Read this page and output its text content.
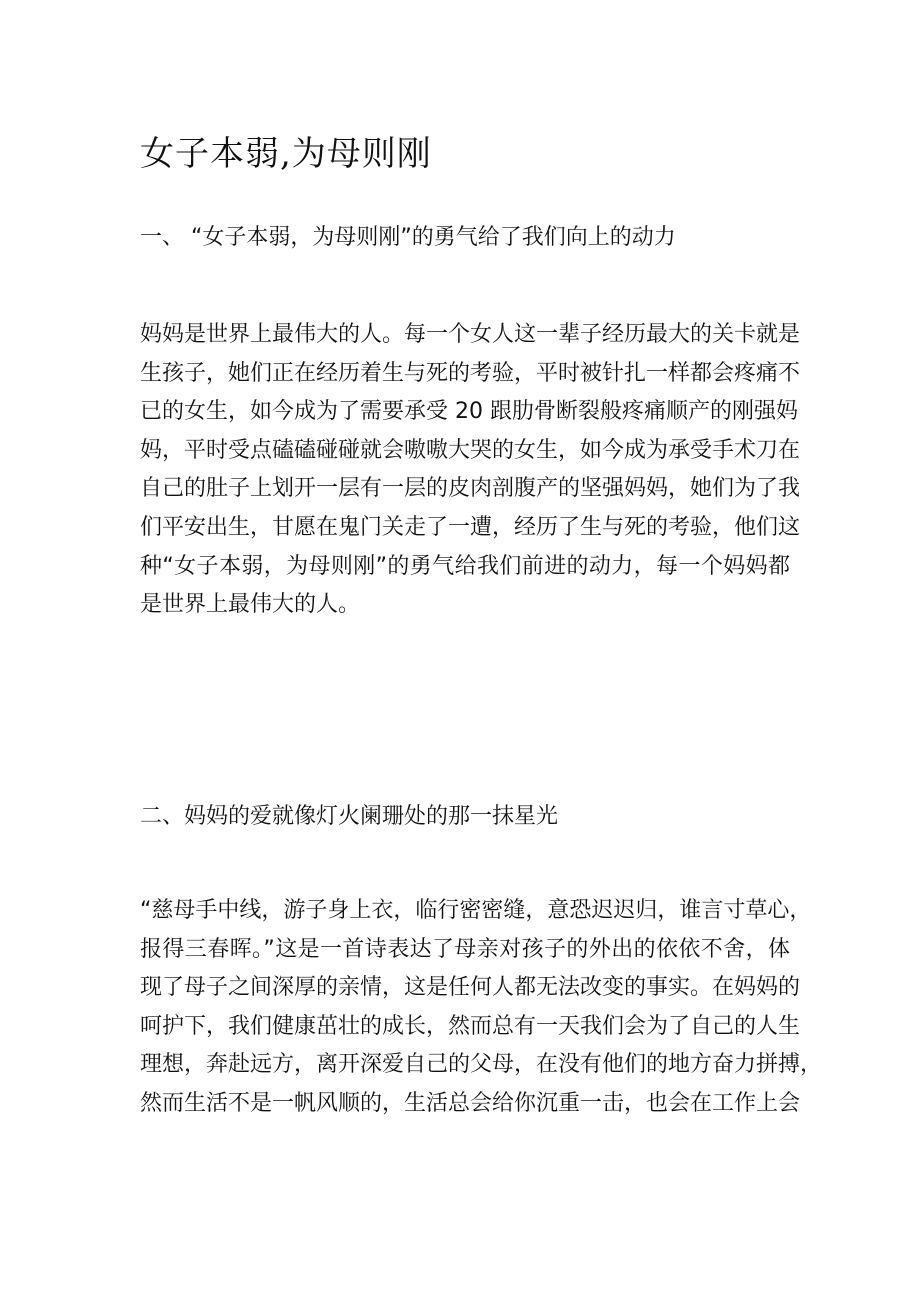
女子本弱,为母则刚
一、 “女子本弱，为母则刚”的勇气给了我们向上的动力
妈妈是世界上最伟大的人。每一个女人这一辈子经历最大的关卡就是
生孩子，她们正在经历着生与死的考验，平时被针扎一样都会疼痛不
已的女生，如今成为了需要承受 20 跟肋骨断裂般疼痛顺产的刚强妈
妈，平时受点磕磕碰碰就会嗷嗷大哭的女生，如今成为承受手术刀在
自己的肚子上划开一层有一层的皮肉剖腹产的坚强妈妈，她们为了我
们平安出生，甘愿在鬼门关走了一遭，经历了生与死的考验，他们这
种“女子本弱，为母则刚”的勇气给我们前进的动力，每一个妈妈都
是世界上最伟大的人。
二、妈妈的爱就像灯火阑珊处的那一抹星光
“慈母手中线，游子身上衣，临行密密缝，意恐迟迟归，谁言寸草心，
报得三春晖。”这是一首诗表达了母亲对孩子的外出的依依不舍，体
现了母子之间深厚的亲情，这是任何人都无法改变的事实。在妈妈的
呵护下，我们健康茁壮的成长，然而总有一天我们会为了自己的人生
理想，奔赴远方，离开深爱自己的父母，在没有他们的地方奋力拼搏，
然而生活不是一帆风顺的，生活总会给你沉重一击，也会在工作上会
